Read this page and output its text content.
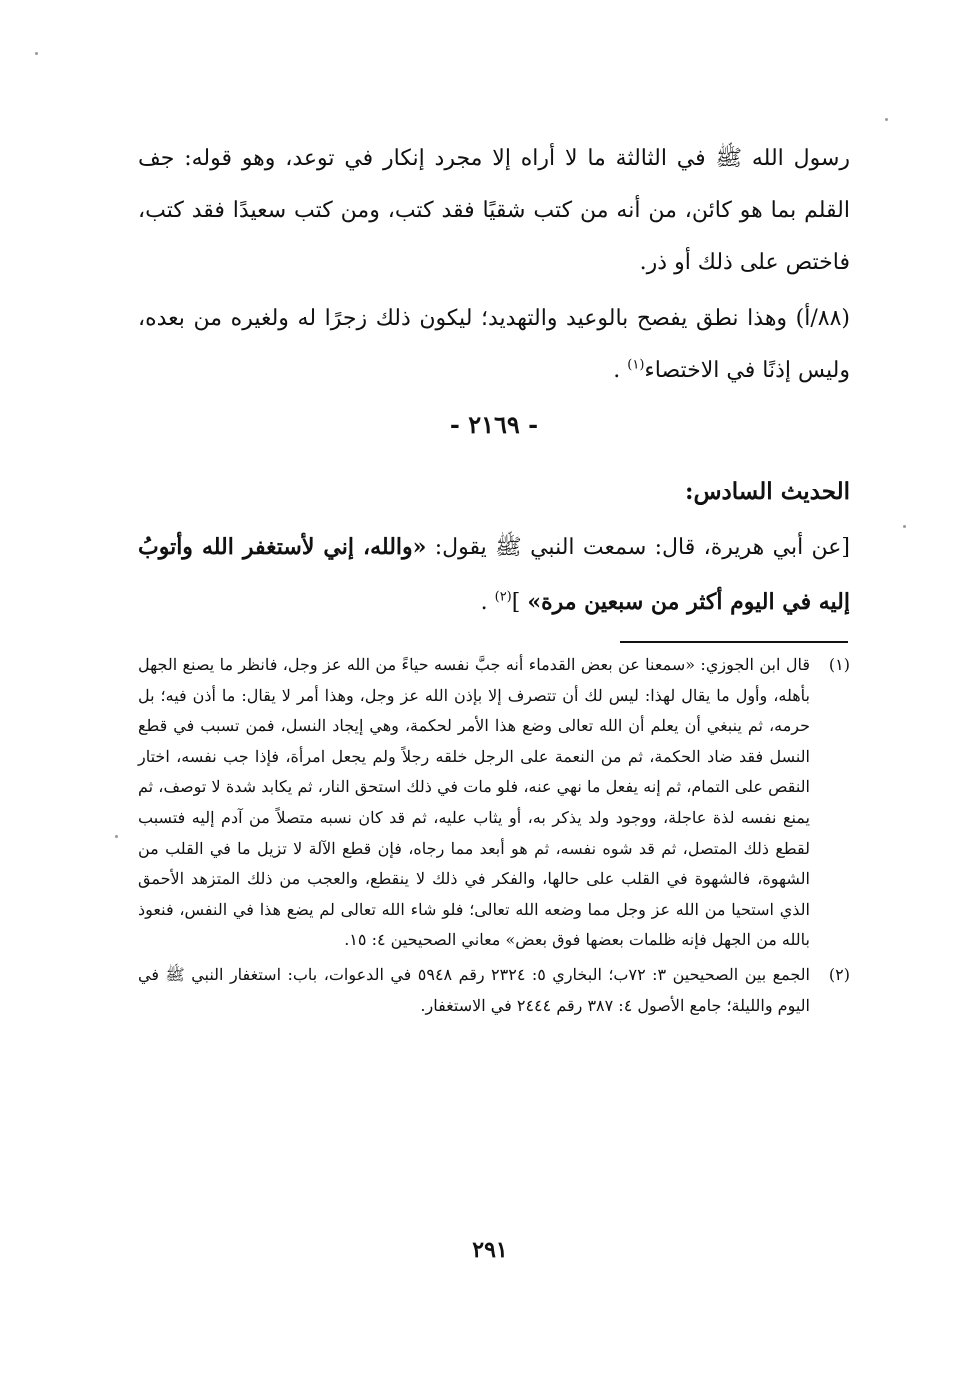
رسول الله ﷺ في الثالثة ما لا أراه إلا مجرد إنكار في توعد، وهو قوله: جف القلم بما هو كائن، من أنه من كتب شقيًا فقد كتب، ومن كتب سعيدًا فقد كتب، فاختص على ذلك أو ذر.

(٨٨/أ) وهذا نطق يفصح بالوعيد والتهديد؛ ليكون ذلك زجرًا له ولغيره من بعده، وليس إذنًا في الاختصاء$^{(١)}$ .

- ٢١٦٩ -
الحديث السادس:
[عن أبي هريرة، قال: سمعت النبي ﷺ يقول: «والله، إني لأستغفر الله وأتوبُ إليه في اليوم أكثر من سبعين مرة» ]$^{(٢)}$ .

(١)
قال ابن الجوزي: «سمعنا عن بعض القدماء أنه جبَّ نفسه حياءً من الله عز وجل، فانظر ما يصنع الجهل بأهله، وأول ما يقال لهذا: ليس لك أن تتصرف إلا بإذن الله عز وجل، وهذا أمر لا يقال: ما أذن فيه؛ بل حرمه، ثم ينبغي أن يعلم أن الله تعالى وضع هذا الأمر لحكمة، وهي إيجاد النسل، فمن تسبب في قطع النسل فقد ضاد الحكمة، ثم من النعمة على الرجل خلقه رجلاً ولم يجعل امرأة، فإذا جب نفسه، اختار النقص على التمام، ثم إنه يفعل ما نهي عنه، فلو مات في ذلك استحق النار، ثم يكابد شدة لا توصف، ثم يمنع نفسه لذة عاجلة، ووجود ولد يذكر به، أو يثاب عليه، ثم قد كان نسبه متصلاً من آدم إليه فتسبب لقطع ذلك المتصل، ثم قد شوه نفسه، ثم هو أبعد مما رجاه، فإن قطع الآلة لا تزيل ما في القلب من الشهوة، فالشهوة في القلب على حالها، والفكر في ذلك لا ينقطع، والعجب من ذلك المتزهد الأحمق الذي استحيا من الله عز وجل مما وضعه الله تعالى؛ فلو شاء الله تعالى لم يضع هذا في النفس، فنعوذ بالله من الجهل فإنه ظلمات بعضها فوق بعض» معاني الصحيحين ٤: ١٥.

(٢)
الجمع بين الصحيحين ٣: ٧٢ب؛ البخاري ٥: ٢٣٢٤ رقم ٥٩٤٨ في الدعوات، باب: استغفار النبي ﷺ في اليوم والليلة؛ جامع الأصول ٤: ٣٨٧ رقم ٢٤٤٤ في الاستغفار.

٢٩١
